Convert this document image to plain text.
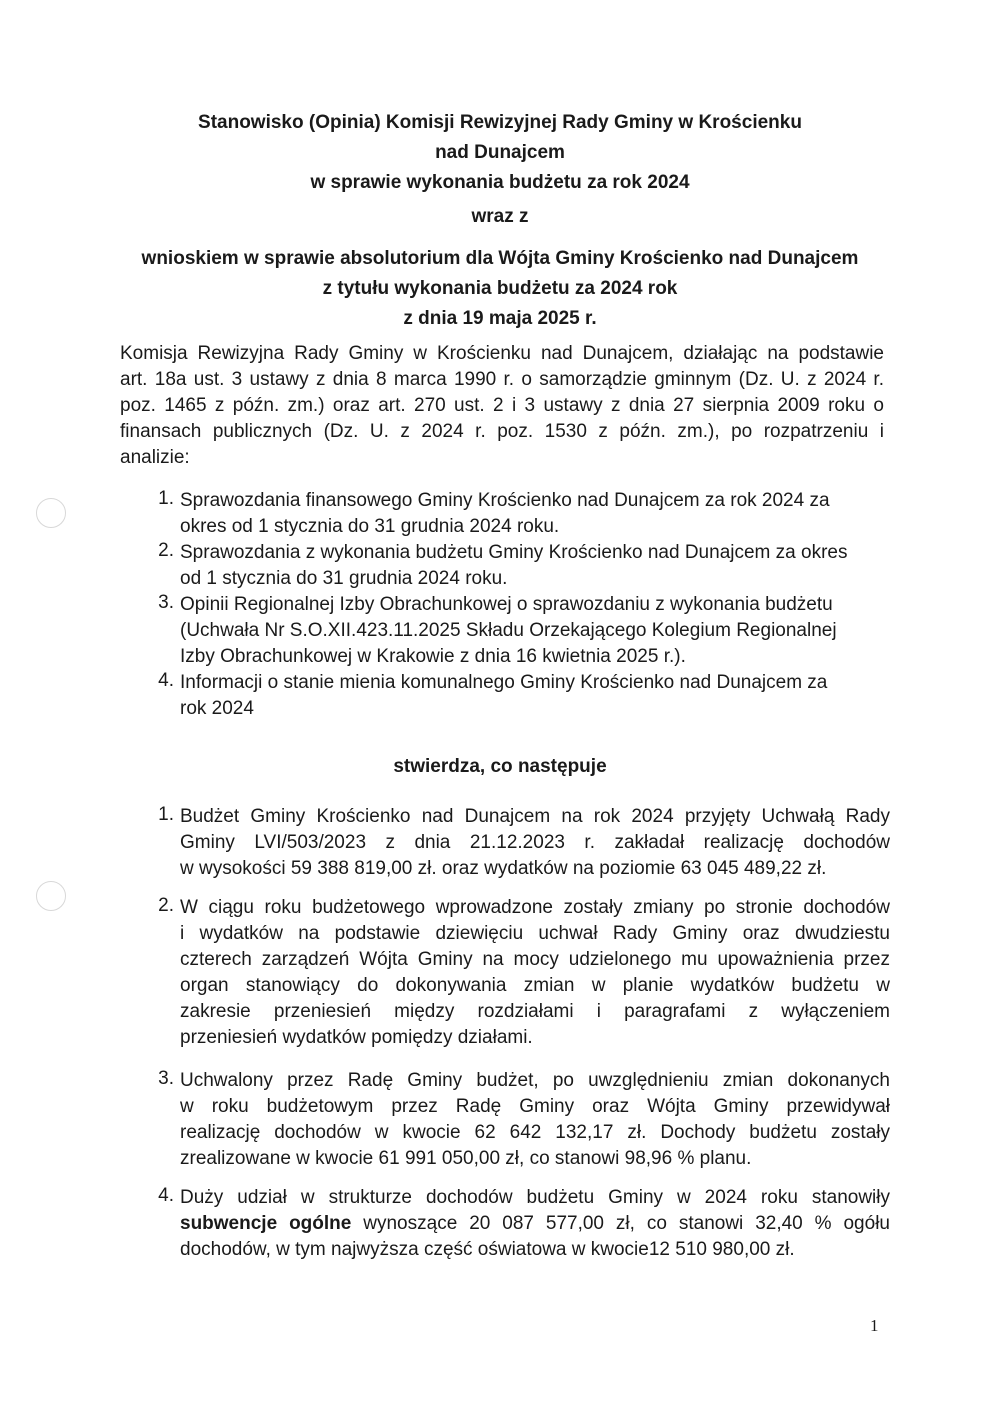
Stanowisko (Opinia) Komisji Rewizyjnej Rady Gminy w Krościenku
nad Dunajcem
w sprawie wykonania budżetu za rok 2024
wraz z
wnioskiem w sprawie absolutorium dla Wójta Gminy Krościenko nad Dunajcem
z tytułu wykonania budżetu za 2024 rok
z dnia 19 maja 2025 r.
Komisja Rewizyjna Rady Gminy w Krościenku nad Dunajcem, działając na podstawie
art. 18a ust. 3 ustawy z dnia 8 marca 1990 r. o samorządzie gminnym (Dz. U. z 2024 r.
poz. 1465 z późn. zm.) oraz art. 270 ust. 2 i 3 ustawy z dnia 27 sierpnia 2009 roku o
finansach publicznych (Dz. U. z 2024 r. poz. 1530 z późn. zm.), po rozpatrzeniu i
analizie:
1. Sprawozdania finansowego Gminy Krościenko nad Dunajcem za rok 2024 za
okres od 1 stycznia do 31 grudnia 2024 roku.
2. Sprawozdania z wykonania budżetu Gminy Krościenko nad Dunajcem za okres
od 1 stycznia do 31 grudnia 2024 roku.
3. Opinii Regionalnej Izby Obrachunkowej o sprawozdaniu z wykonania budżetu
(Uchwała Nr S.O.XII.423.11.2025 Składu Orzekającego Kolegium Regionalnej
Izby Obrachunkowej w Krakowie z dnia 16 kwietnia 2025 r.).
4. Informacji o stanie mienia komunalnego Gminy Krościenko nad Dunajcem za
rok 2024
stwierdza, co następuje
1. Budżet Gminy Krościenko nad Dunajcem na rok 2024 przyjęty Uchwałą Rady
Gminy LVI/503/2023 z dnia 21.12.2023 r. zakładał realizację dochodów
w wysokości 59 388 819,00 zł. oraz wydatków na poziomie 63 045 489,22 zł.
2. W ciągu roku budżetowego wprowadzone zostały zmiany po stronie dochodów
i wydatków na podstawie dziewięciu uchwał Rady Gminy oraz dwudziestu
czterech zarządzeń Wójta Gminy na mocy udzielonego mu upoważnienia przez
organ stanowiący do dokonywania zmian w planie wydatków budżetu w
zakresie przeniesień między rozdziałami i paragrafami z wyłączeniem
przeniesień wydatków pomiędzy działami.
3. Uchwalony przez Radę Gminy budżet, po uwzględnieniu zmian dokonanych
w roku budżetowym przez Radę Gminy oraz Wójta Gminy przewidywał
realizację dochodów w kwocie 62 642 132,17 zł. Dochody budżetu zostały
zrealizowane w kwocie 61 991 050,00 zł, co stanowi 98,96 % planu.
4. Duży udział w strukturze dochodów budżetu Gminy w 2024 roku stanowiły
subwencje ogólne wynoszące 20 087 577,00 zł, co stanowi 32,40 % ogółu
dochodów, w tym najwyższa część oświatowa w kwocie12 510 980,00 zł.
1
